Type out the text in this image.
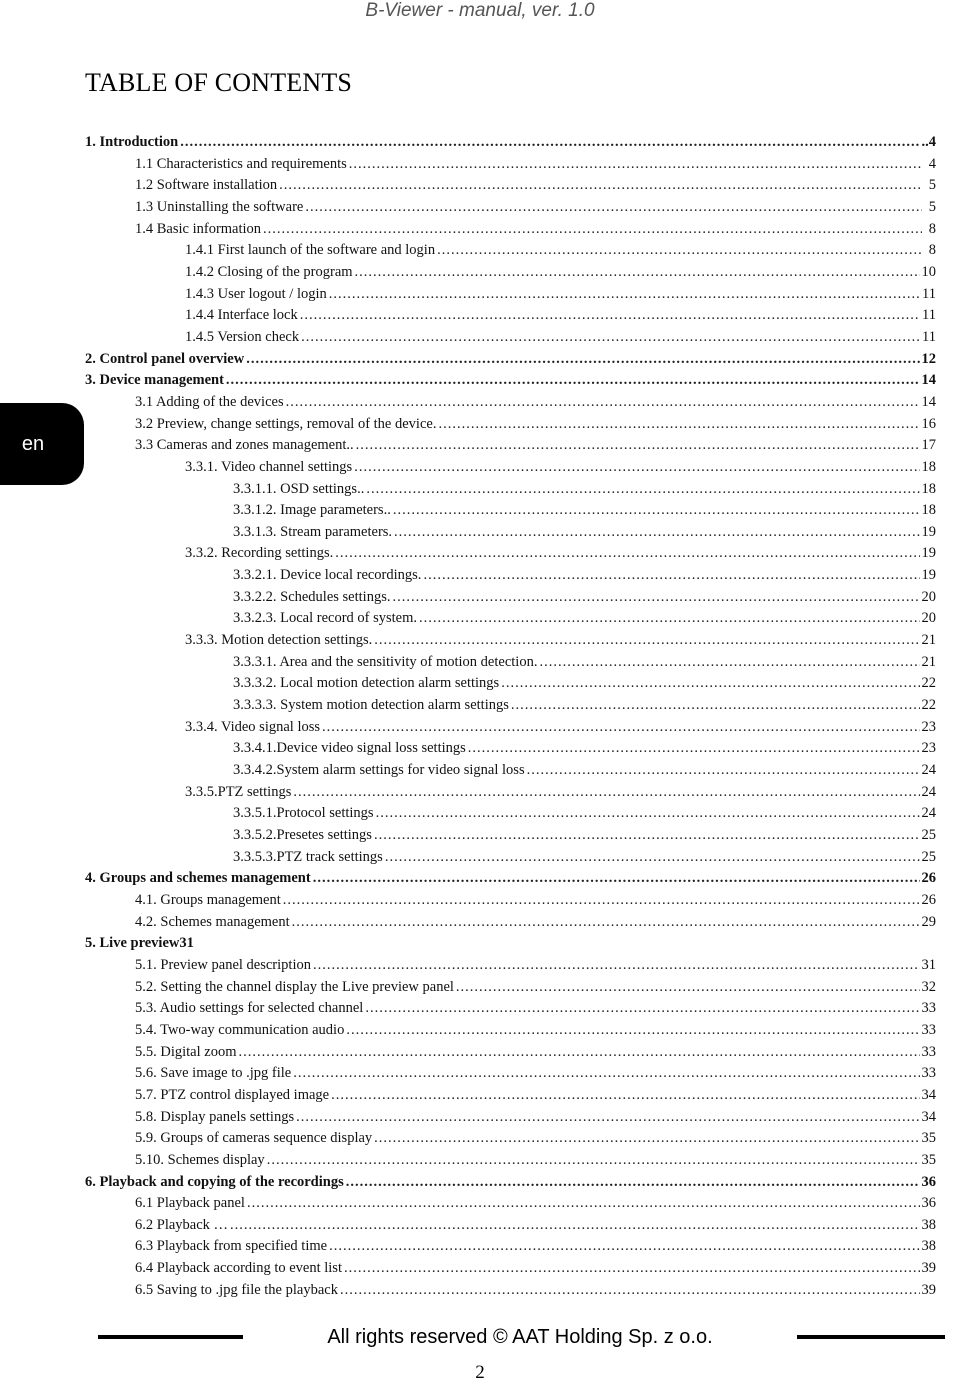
B-Viewer - manual, ver. 1.0
TABLE OF CONTENTS
en
1. Introduction .....	..4
1.1 Characteristics and requirements .....	4
1.2 Software installation .....	5
1.3 Uninstalling the software .....	5
1.4 Basic information .....	8
1.4.1 First launch of the software and login .....	8
1.4.2 Closing of the program .....	10
1.4.3 User logout / login .....	11
1.4.4 Interface lock .....	11
1.4.5 Version check .....	11
2. Control panel overview .....	12
3. Device management .....	14
3.1 Adding of the devices .....	14
3.2 Preview, change settings, removal of the device. .....	16
3.3 Cameras and zones management.. .....	17
3.3.1. Video channel settings .....	18
3.3.1.1. OSD settings.. .....	18
3.3.1.2. Image parameters.. .....	18
3.3.1.3. Stream parameters. .....	19
3.3.2. Recording settings. .....	19
3.3.2.1. Device local recordings. .....	19
3.3.2.2. Schedules settings. .....	20
3.3.2.3. Local record of system. .....	20
3.3.3. Motion detection settings. .....	21
3.3.3.1. Area and the sensitivity of motion detection. .....	21
3.3.3.2. Local motion detection alarm settings .....	22
3.3.3.3. System motion detection alarm settings .....	22
3.3.4. Video signal loss .....	23
3.3.4.1.Device video signal loss settings .....	23
3.3.4.2.System alarm settings for video signal loss .....	24
3.3.5.PTZ settings .....	24
3.3.5.1.Protocol settings .....	24
3.3.5.2.Presetes settings .....	25
3.3.5.3.PTZ track settings .....	25
4. Groups and schemes management .....	26
4.1. Groups management .....	26
4.2. Schemes management .....	29
5. Live preview31
5.1. Preview panel description .....	31
5.2. Setting the channel display the Live preview panel .....	32
5.3. Audio settings for selected channel .....	33
5.4. Two-way communication audio .....	33
5.5. Digital zoom .....	33
5.6. Save image to .jpg file .....	33
5.7. PTZ control displayed image .....	34
5.8. Display panels settings .....	34
5.9. Groups of cameras sequence display .....	35
5.10. Schemes display .....	35
6. Playback and copying of the recordings .....	36
6.1 Playback panel .....	36
6.2 Playback … .....	38
6.3 Playback from specified time .....	38
6.4 Playback according to event list .....	39
6.5 Saving to .jpg file the playback .....	39
All rights reserved © AAT Holding Sp. z o.o.
2
